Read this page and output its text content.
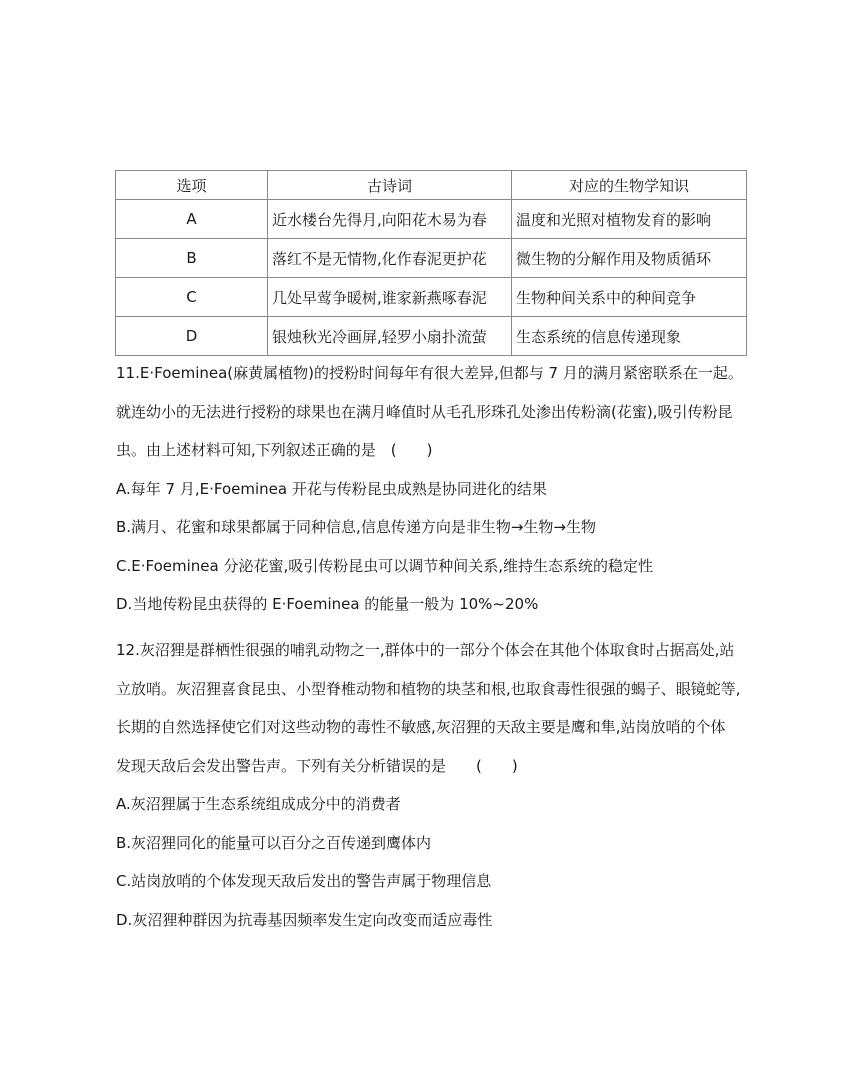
选项	古诗词	对应的生物学知识
A	近水楼台先得月,向阳花木易为春	温度和光照对植物发育的影响
B	落红不是无情物,化作春泥更护花	微生物的分解作用及物质循环
C	几处早莺争暖树,谁家新燕啄春泥	生物种间关系中的种间竞争
D	银烛秋光冷画屏,轻罗小扇扑流萤	生态系统的信息传递现象
11.E·Foeminea(麻黄属植物)的授粉时间每年有很大差异,但都与 7 月的满月紧密联系在一起。
就连幼小的无法进行授粉的球果也在满月峰值时从毛孔形珠孔处渗出传粉滴(花蜜),吸引传粉昆
虫。由上述材料可知,下列叙述正确的是　(　　)
A.每年 7 月,E·Foeminea 开花与传粉昆虫成熟是协同进化的结果
B.满月、花蜜和球果都属于同种信息,信息传递方向是非生物→生物→生物
C.E·Foeminea 分泌花蜜,吸引传粉昆虫可以调节种间关系,维持生态系统的稳定性
D.当地传粉昆虫获得的 E·Foeminea 的能量一般为 10%~20%
12.灰沼狸是群栖性很强的哺乳动物之一,群体中的一部分个体会在其他个体取食时占据高处,站
立放哨。灰沼狸喜食昆虫、小型脊椎动物和植物的块茎和根,也取食毒性很强的蝎子、眼镜蛇等,
长期的自然选择使它们对这些动物的毒性不敏感,灰沼狸的天敌主要是鹰和隼,站岗放哨的个体
发现天敌后会发出警告声。下列有关分析错误的是　　(　　)
A.灰沼狸属于生态系统组成成分中的消费者
B.灰沼狸同化的能量可以百分之百传递到鹰体内
C.站岗放哨的个体发现天敌后发出的警告声属于物理信息
D.灰沼狸种群因为抗毒基因频率发生定向改变而适应毒性
